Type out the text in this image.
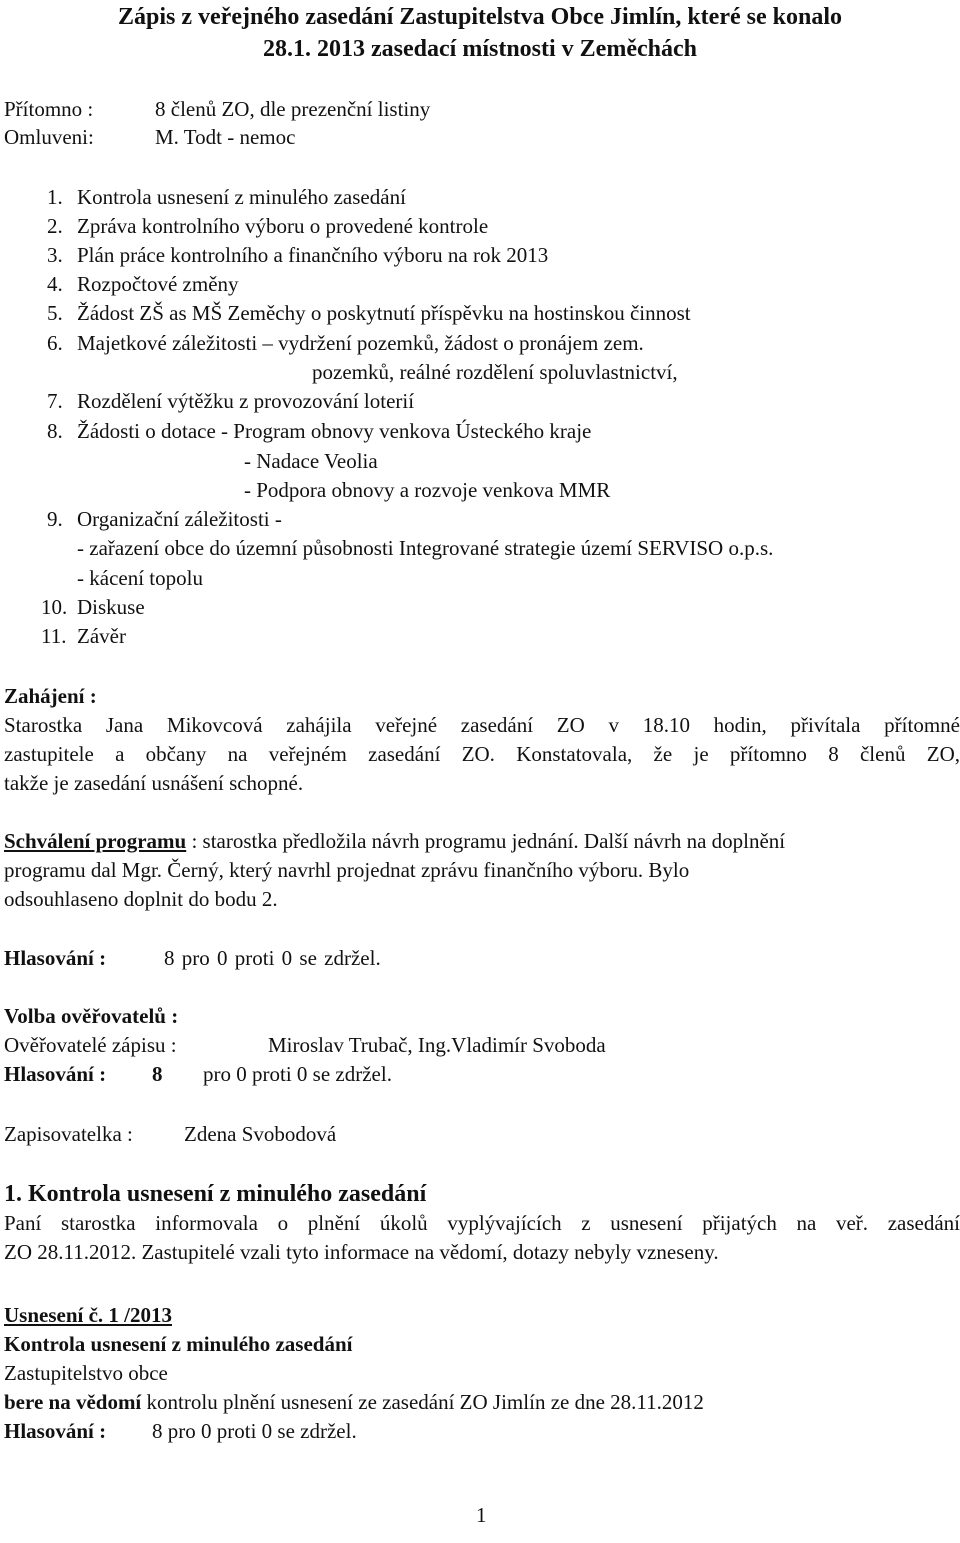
Zápis z veřejného zasedání Zastupitelstva Obce Jimlín, které se konalo
28.1. 2013 zasedací místnosti v Zeměchách
Přítomno :	8 členů ZO, dle prezenční listiny
Omluveni:	M. Todt - nemoc
1. Kontrola usnesení z minulého zasedání
2. Zpráva kontrolního výboru o provedené kontrole
3. Plán práce kontrolního a finančního výboru na rok 2013
4. Rozpočtové změny
5. Žádost ZŠ as MŠ Zeměchy o poskytnutí příspěvku na hostinskou činnost
6. Majetkové záležitosti – vydržení pozemků, žádost o pronájem zem.
pozemků, reálné rozdělení spoluvlastnictví,
7. Rozdělení výtěžku z provozování loterií
8. Žádosti o dotace - Program obnovy venkova Ústeckého kraje
- Nadace Veolia
- Podpora obnovy a rozvoje venkova MMR
9. Organizační záležitosti -
- zařazení obce do územní působnosti Integrované strategie území SERVISO o.p.s.
- kácení topolu
10. Diskuse
11. Závěr
Zahájení :
Starostka Jana Mikovcová zahájila veřejné zasedání ZO v 18.10 hodin, přivítala přítomné
zastupitele a občany na veřejném zasedání ZO. Konstatovala, že je přítomno 8 členů ZO,
takže je zasedání usnášení schopné.
Schválení programu : starostka předložila návrh programu jednání. Další návrh na doplnění
programu dal Mgr. Černý, který navrhl projednat zprávu finančního výboru. Bylo
odsouhlaseno doplnit do bodu 2.
Hlasování :	8 pro 0 proti 0 se zdržel.
Volba ověřovatelů :
Ověřovatelé zápisu :	Miroslav Trubač, Ing.Vladimír Svoboda
Hlasování : 8 pro 0 proti 0 se zdržel.
Zapisovatelka : Zdena Svobodová
1. Kontrola usnesení z minulého zasedání
Paní starostka informovala o plnění úkolů vyplývajících z usnesení přijatých na veř. zasedání
ZO 28.11.2012. Zastupitelé vzali tyto informace na vědomí, dotazy nebyly vzneseny.
Usnesení č. 1 /2013
Kontrola usnesení z minulého zasedání
Zastupitelstvo obce
bere na vědomí kontrolu plnění usnesení ze zasedání ZO Jimlín ze dne 28.11.2012
Hlasování : 8 pro 0 proti 0 se zdržel.
1
